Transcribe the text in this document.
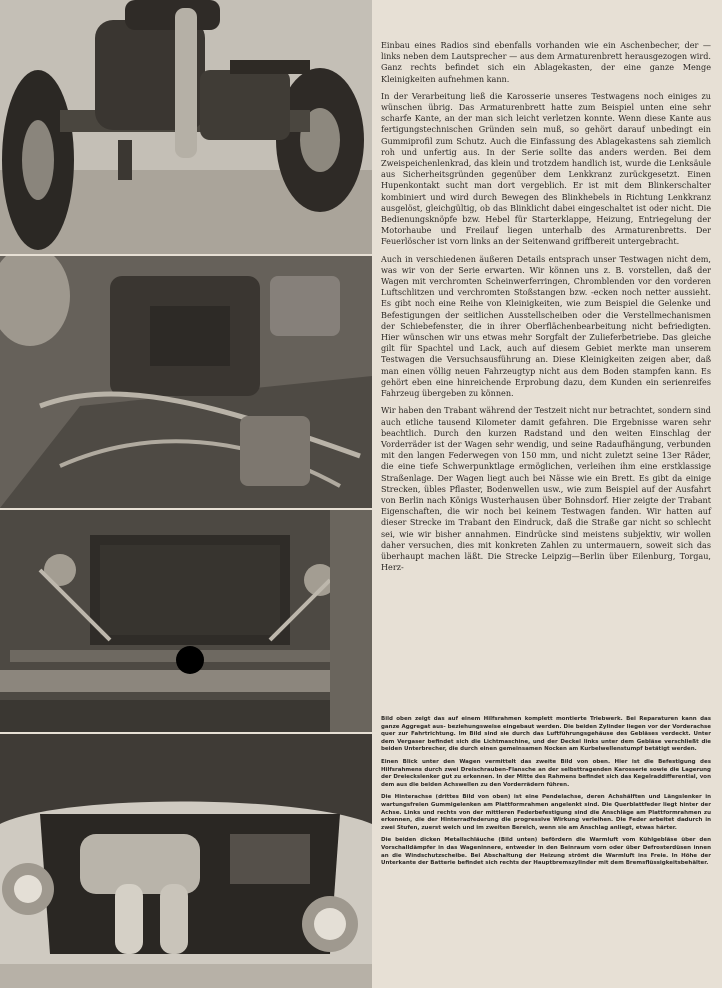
Einbau eines Radios sind ebenfalls vorhanden wie ein Aschenbecher, der — links neben dem Lautsprecher — aus dem Armaturenbrett herausgezogen wird. Ganz rechts befindet sich ein Ablagekasten, der eine ganze Menge Kleinigkeiten aufnehmen kann.

In der Verarbeitung ließ die Karosserie unseres Testwagens noch einiges zu wünschen übrig. Das Armaturenbrett hatte zum Beispiel unten eine sehr scharfe Kante, an der man sich leicht verletzen konnte. Wenn diese Kante aus fertigungstechnischen Gründen sein muß, so gehört darauf unbedingt ein Gummiprofil zum Schutz. Auch die Einfassung des Ablagekastens sah ziemlich roh und unfertig aus. In der Serie sollte das anders werden. Bei dem Zweispeichenlenkrad, das klein und trotzdem handlich ist, wurde die Lenksäule aus Sicherheitsgründen gegenüber dem Lenkkranz zurückgesetzt. Einen Hupenkontakt sucht man dort vergeblich. Er ist mit dem Blinkerschalter kombiniert und wird durch Bewegen des Blinkhebels in Richtung Lenkkranz ausgelöst, gleichgültig, ob das Blinklicht dabei eingeschaltet ist oder nicht. Die Bedienungsknöpfe bzw. Hebel für Starterklappe, Heizung, Entriegelung der Motorhaube und Freilauf liegen unterhalb des Armaturenbretts. Der Feuerlöscher ist vorn links an der Seitenwand griffbereit untergebracht.

Auch in verschiedenen äußeren Details entsprach unser Testwagen nicht dem, was wir von der Serie erwarten. Wir können uns z. B. vorstellen, daß der Wagen mit verchromten Scheinwerferringen, Chromblenden vor den vorderen Luftschlitzen und verchromten Stoßstangen bzw. -ecken noch netter aussieht. Es gibt noch eine Reihe von Kleinigkeiten, wie zum Beispiel die Gelenke und Befestigungen der seitlichen Ausstellscheiben oder die Verstellmechanismen der Schiebefenster, die in ihrer Oberflächenbearbeitung nicht befriedigten. Hier wünschen wir uns etwas mehr Sorgfalt der Zulieferbetriebe. Das gleiche gilt für Spachtel und Lack, auch auf diesem Gebiet merkte man unserem Testwagen die Versuchsausführung an. Diese Kleinigkeiten zeigen aber, daß man einen völlig neuen Fahrzeugtyp nicht aus dem Boden stampfen kann. Es gehört eben eine hinreichende Erprobung dazu, dem Kunden ein serienreifes Fahrzeug übergeben zu können.

Wir haben den Trabant während der Testzeit nicht nur betrachtet, sondern sind auch etliche tausend Kilometer damit gefahren. Die Ergebnisse waren sehr beachtlich. Durch den kurzen Radstand und den weiten Einschlag der Vorderräder ist der Wagen sehr wendig, und seine Radaufhängung, verbunden mit den langen Federwegen von 150 mm, und nicht zuletzt seine 13er Räder, die eine tiefe Schwerpunktlage ermöglichen, verleihen ihm eine erstklassige Straßenlage. Der Wagen liegt auch bei Nässe wie ein Brett. Es gibt da einige Strecken, übles Pflaster, Bodenwellen usw., wie zum Beispiel auf der Ausfahrt von Berlin nach Königs Wusterhausen über Bohnsdorf. Hier zeigte der Trabant Eigenschaften, die wir noch bei keinem Testwagen fanden. Wir hatten auf dieser Strecke im Trabant den Eindruck, daß die Straße gar nicht so schlecht sei, wie wir bisher annahmen. Eindrücke sind meistens subjektiv, wir wollen daher versuchen, dies mit konkreten Zahlen zu untermauern, soweit sich das überhaupt machen läßt. Die Strecke Leipzig—Berlin über Eilenburg, Torgau, Herz-

Bild oben zeigt das auf einem Hilfsrahmen komplett montierte Triebwerk. Bei Reparaturen kann das ganze Aggregat aus- beziehungsweise eingebaut werden. Die beiden Zylinder liegen vor der Vorderachse quer zur Fahrtrichtung. Im Bild sind sie durch das Luftführungsgehäuse des Gebläses verdeckt. Unter dem Vergaser befindet sich die Lichtmaschine, und der Deckel links unter dem Gebläse verschließt die beiden Unterbrecher, die durch einen gemeinsamen Nocken am Kurbelwellenstumpf betätigt werden.

Einen Blick unter den Wagen vermittelt das zweite Bild von oben. Hier ist die Befestigung des Hilfsrahmens durch zwei Dreischrauben-Flansche an der selbsttragenden Karosserie sowie die Lagerung der Dreieckslenker gut zu erkennen. In der Mitte des Rahmens befindet sich das Kegelraddifferential, von dem aus die beiden Achswellen zu den Vorderrädern führen.

Die Hinterachse (drittes Bild von oben) ist eine Pendelachse, deren Achshälften und Längslenker in wartungsfreien Gummigelenken am Plattformrahmen angelenkt sind. Die Querblattfeder liegt hinter der Achse. Links und rechts von der mittleren Federbefestigung sind die Anschläge am Plattformrahmen zu erkennen, die der Hinterradfederung die progressive Wirkung verleihen. Die Feder arbeitet dadurch in zwei Stufen, zuerst weich und im zweiten Bereich, wenn sie am Anschlag anliegt, etwas härter.

Die beiden dicken Metallschläuche (Bild unten) befördern die Warmluft vom Kühlgebläse über den Vorschalldämpfer in das Wageninnere, entweder in den Beinraum vorn oder über Defrosterdüsen innen an die Windschutzscheibe. Bei Abschaltung der Heizung strömt die Warmluft ins Freie. In Höhe der Unterkante der Batterie befindet sich rechts der Hauptbremszylinder mit dem Bremsflüssigkeitsbehälter.
